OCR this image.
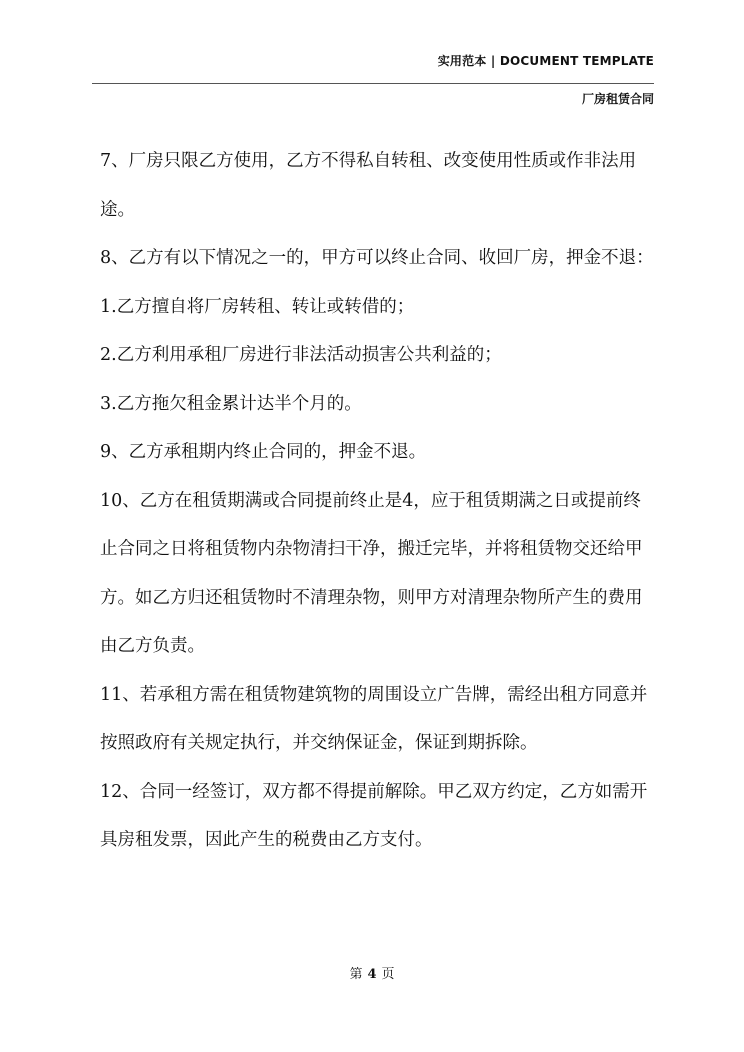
实用范本 | DOCUMENT TEMPLATE
厂房租赁合同

7、厂房只限乙方使用，乙方不得私自转租、改变使用性质或作非法用途。

8、乙方有以下情况之一的，甲方可以终止合同、收回厂房，押金不退：

1.乙方擅自将厂房转租、转让或转借的；

2.乙方利用承租厂房进行非法活动损害公共利益的；

3.乙方拖欠租金累计达半个月的。

9、乙方承租期内终止合同的，押金不退。

10、乙方在租赁期满或合同提前终止是4，应于租赁期满之日或提前终止合同之日将租赁物内杂物清扫干净，搬迁完毕，并将租赁物交还给甲方。如乙方归还租赁物时不清理杂物，则甲方对清理杂物所产生的费用由乙方负责。

11、若承租方需在租赁物建筑物的周围设立广告牌，需经出租方同意并按照政府有关规定执行，并交纳保证金，保证到期拆除。

12、合同一经签订，双方都不得提前解除。甲乙双方约定，乙方如需开具房租发票，因此产生的税费由乙方支付。

第 4 页
